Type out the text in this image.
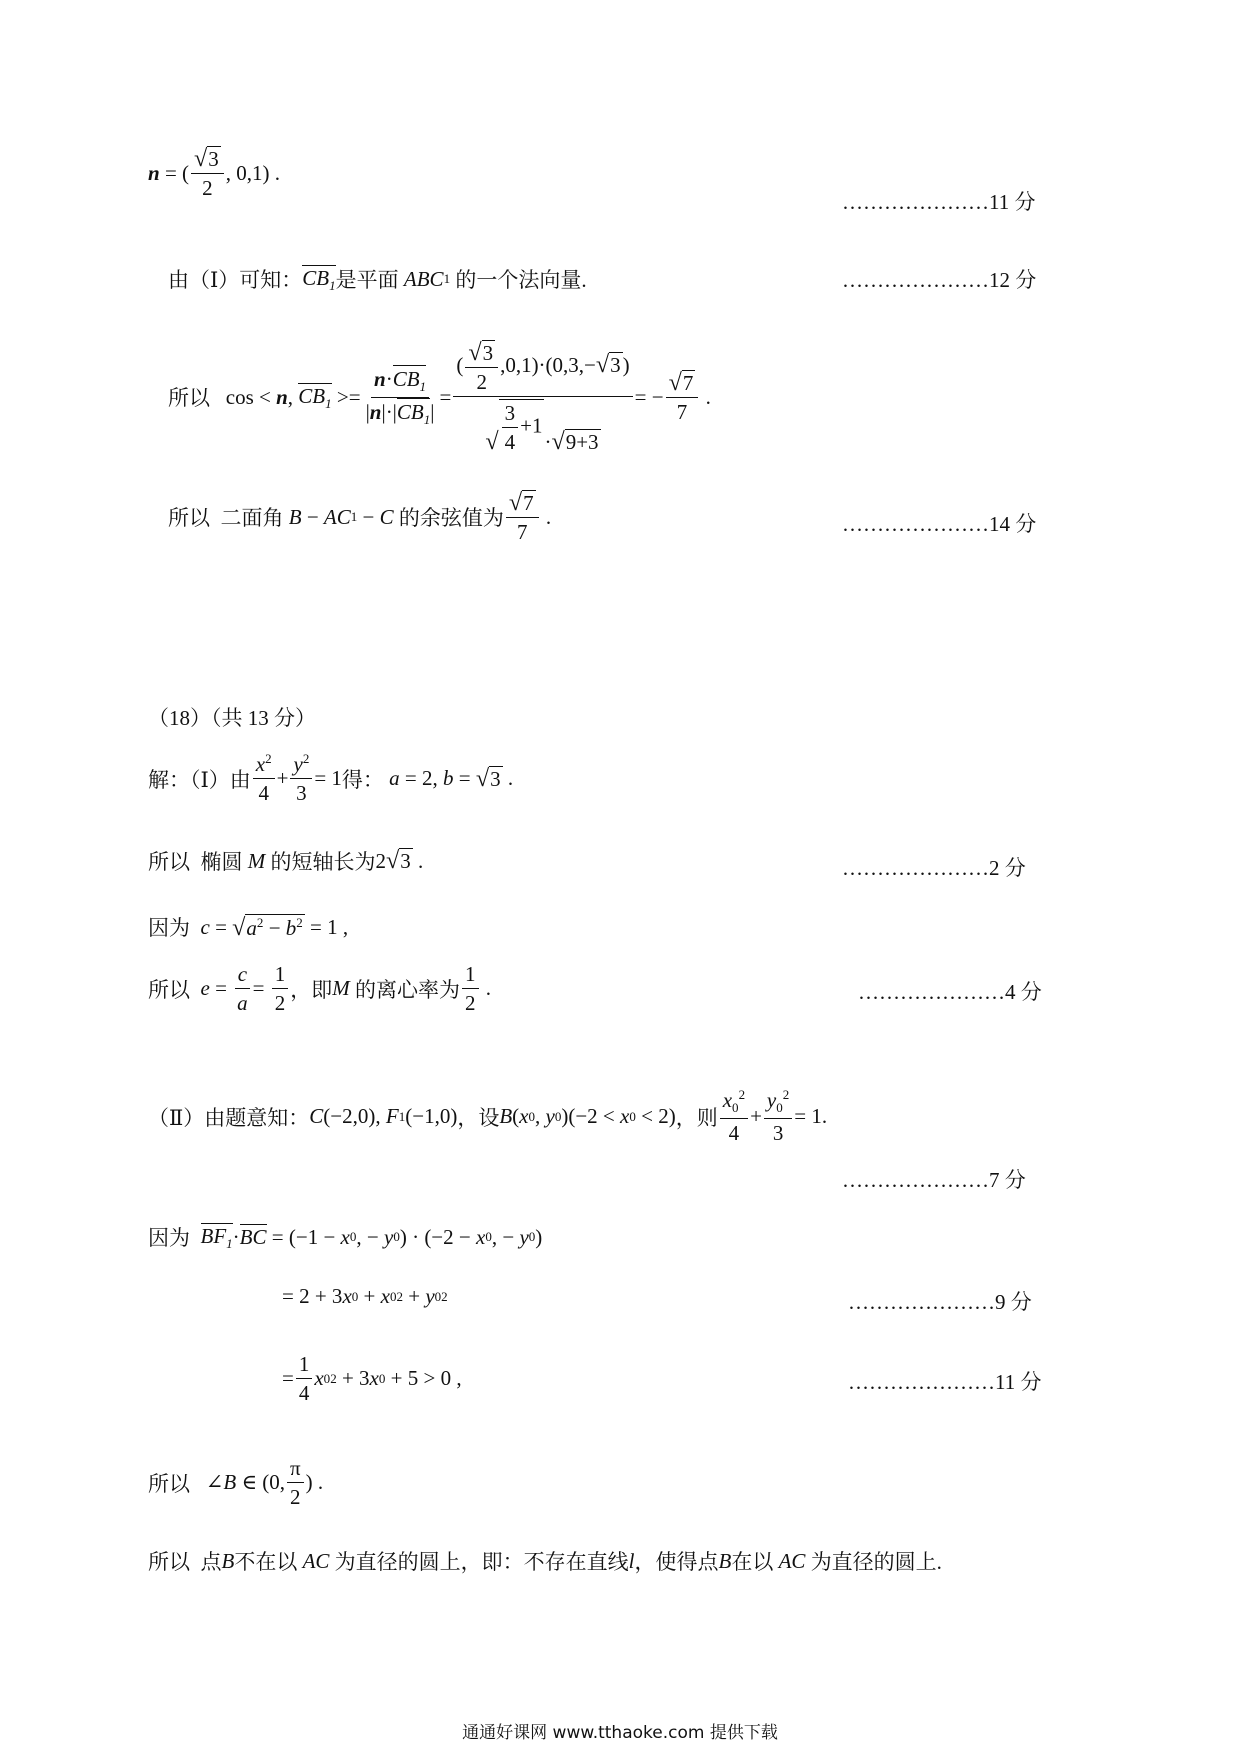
n = ( $\frac{√ 3}{2}$ , 0,1) .
…………………11 分
由（Ⅰ）可知： $CB_1$ 是平面 ABC 1
的一个法向量.	…………………12 分
所以 cos < n , $CB_1 >= \frac{n\cdot CB_1}{|n|\cdot|CB_1|}$ = ( $\frac{√ 3}{2} ,0,1)\cdot(0,3,-$ √ 3 )
√ $\frac{3}{4} +1$
· √ 9+3 = − $\frac{√ 7}{7}$ .
所以
二面角 B − AC 1 − C
的余弦值为 $\frac{√ 7}{7}$ .	…………………14 分
（18）（共 13 分）
解：（Ⅰ）由 $\frac{x^2}{4} + \frac{y^2}{3} = 1$ 得： a = 2, b = √ 3 .
所以
椭圆 M 的短轴长为 2 √ 3 .	…………………2 分
因为
c = √ $a^2 - b^2 = 1$ ,
所以
$e = \frac{c}{a} = \frac{1}{2}$ ，即 M 的离心率为 $\frac{1}{2}$ .	…………………4 分
（Ⅱ）由题意知： C (−2,0), F 1 (−1,0) ，设 B ( x 0 , y 0 )(−2 < x 0 < 2) ，则 $\frac{x_0^2}{4} + \frac{y_0^2}{3} = 1$.
…………………7 分
因为
$BF_1$ · BC = (−1 − x 0 , − y 0 ) · (−2 − x 0 , − y 0 )
= 2 + 3 x 0 + x 0 2 + y 0 2	…………………9 分
= $\frac{1}{4}$ x 0 2 + 3 x 0 + 5 > 0 ,	…………………11 分
所以 ∠ B ∈ (0, $\frac{\pi}{2}$ ) .
所以
点 B 不在以 AC 为直径的圆上，即：不存在直线 l ，使得点 B 在以 AC 为直径的圆上.
通通好课网 www.tthaoke.com 提供下载
